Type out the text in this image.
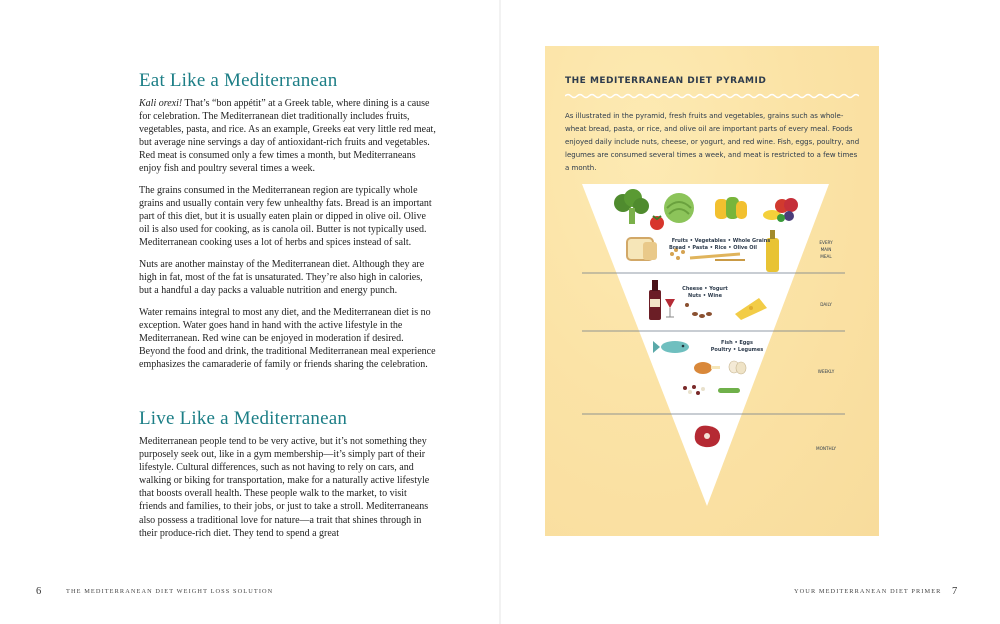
Eat Like a Mediterranean

Kali orexi! That’s “bon appétit” at a Greek table, where dining is a cause for celebration. The Mediterranean diet traditionally includes fruits, vegetables, pasta, and rice. As an example, Greeks eat very little red meat, but average nine servings a day of antioxidant-rich fruits and vegetables. Red meat is consumed only a few times a month, but Mediterraneans enjoy fish and poultry several times a week.

The grains consumed in the Mediterranean region are typically whole grains and usually contain very few unhealthy fats. Bread is an important part of this diet, but it is usually eaten plain or dipped in olive oil. Olive oil is also used for cooking, as is canola oil. Butter is not typically used. Mediterranean cooking uses a lot of herbs and spices instead of salt.

Nuts are another mainstay of the Mediterranean diet. Although they are high in fat, most of the fat is unsaturated. They’re also high in calories, but a handful a day packs a valuable nutrition and energy punch.

Water remains integral to most any diet, and the Mediterranean diet is no exception. Water goes hand in hand with the active lifestyle in the Mediterranean. Red wine can be enjoyed in moderation if desired. Beyond the food and drink, the traditional Mediterranean meal experience emphasizes the camaraderie of family or friends sharing the celebration.

Live Like a Mediterranean

Mediterranean people tend to be very active, but it’s not something they purposely seek out, like in a gym membership—it’s simply part of their lifestyle. Cultural differences, such as not having to rely on cars, and walking or biking for transportation, make for a naturally active lifestyle that boosts overall health. These people walk to the market, to visit friends and families, to their jobs, or just to take a stroll. Mediterraneans also possess a traditional love for nature—a trait that shines through in their produce-rich diet. They tend to spend a great

6	THE MEDITERRANEAN DIET WEIGHT LOSS SOLUTION	YOUR MEDITERRANEAN DIET PRIMER 7
THE MEDITERRANEAN DIET PYRAMID
As illustrated in the pyramid, fresh fruits and vegetables, grains such as whole-wheat bread, pasta, or rice, and olive oil are important parts of every meal. Foods enjoyed daily include nuts, cheese, or yogurt, and red wine. Fish, eggs, poultry, and legumes are consumed several times a week, and meat is restricted to a few times a month.
Fruits • Vegetables • Whole Grains
Bread • Pasta • Rice • Olive Oil
EVERY
MAIN
MEAL
Cheese • Yogurt
Nuts • Wine
DAILY
Fish • Eggs
Poultry • Legumes
WEEKLY
MONTHLY
